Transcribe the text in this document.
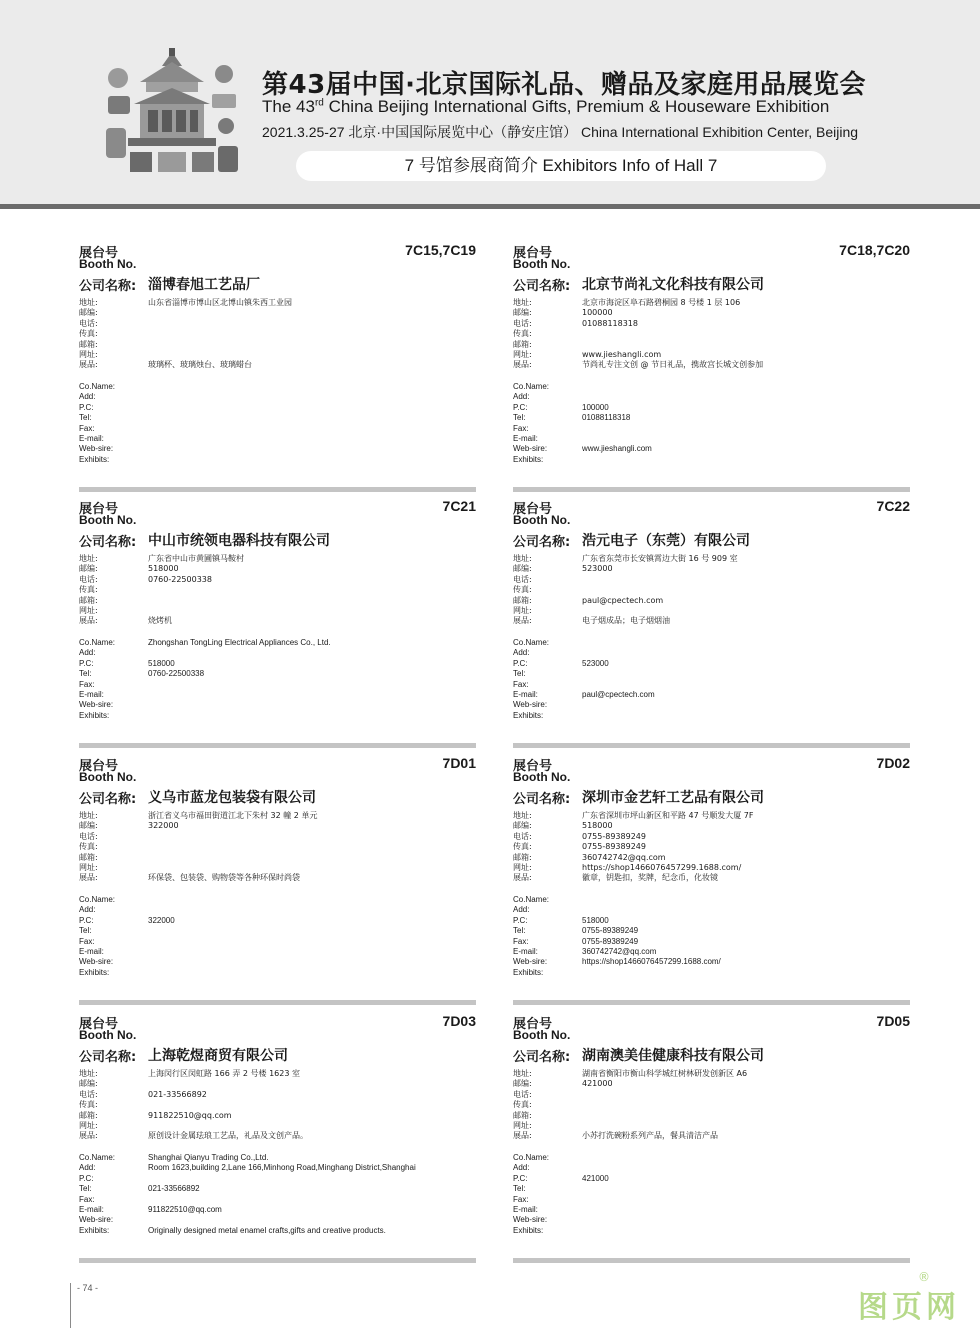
第43届中国·北京国际礼品、赠品及家庭用品展览会
The 43rd China Beijing International Gifts, Premium & Houseware Exhibition
2021.3.25-27 北京·中国国际展览中心（静安庄馆） China International Exhibition Center, Beijing
7 号馆参展商简介 Exhibitors Info of Hall 7
展台号
Booth No.
7C15,7C19
公司名称: 淄博春旭工艺品厂
地址:	山东省淄博市博山区北博山镇朱西工业园
邮编:
电话:
传真:
邮箱:
网址:
展品:	玻璃杯、玻璃烛台、玻璃蜡台
Co.Name:
Add:
P.C:
Tel:
Fax:
E-mail:
Web-sire:
Exhibits:
展台号
Booth No.
7C18,7C20
公司名称: 北京节尚礼文化科技有限公司
地址:	北京市海淀区阜石路碧桐园 8 号楼 1 层 106
邮编:	100000
电话:	01088118318
传真:
邮箱:
网址:	www.jieshangli.com
展品:	节尚礼专注文创 @ 节日礼品，携故宫长城文创参加
Co.Name:
Add:
P.C:	100000
Tel:	01088118318
Fax:
E-mail:
Web-sire:	www.jieshangli.com
Exhibits:
展台号
Booth No.
7C21
公司名称: 中山市统领电器科技有限公司
地址:	广东省中山市黄圃镇马鞍村
邮编:	518000
电话:	0760-22500338
传真:
邮箱:
网址:
展品:	烧烤机
Co.Name:	Zhongshan TongLing Electrical Appliances Co., Ltd.
Add:
P.C:	518000
Tel:	0760-22500338
Fax:
E-mail:
Web-sire:
Exhibits:
展台号
Booth No.
7C22
公司名称: 浩元电子（东莞）有限公司
地址:	广东省东莞市长安镇霄边大街 16 号 909 室
邮编:	523000
电话:
传真:
邮箱:	paul@cpectech.com
网址:
展品:	电子烟成品；电子烟烟油
Co.Name:
Add:
P.C:	523000
Tel:
Fax:
E-mail:	paul@cpectech.com
Web-sire:
Exhibits:
展台号
Booth No.
7D01
公司名称: 义乌市蓝龙包装袋有限公司
地址:	浙江省义乌市福田街道江北下朱村 32 幢 2 单元
邮编:	322000
电话:
传真:
邮箱:
网址:
展品:	环保袋、包装袋、购物袋等各种环保时尚袋
Co.Name:
Add:
P.C:	322000
Tel:
Fax:
E-mail:
Web-sire:
Exhibits:
展台号
Booth No.
7D02
公司名称: 深圳市金艺轩工艺品有限公司
地址:	广东省深圳市坪山新区和平路 47 号顺发大厦 7F
邮编:	518000
电话:	0755-89389249
传真:	0755-89389249
邮箱:	360742742@qq.com
网址:	https://shop1466076457299.1688.com/
展品:	徽章，钥匙扣，奖牌，纪念币，化妆镜
Co.Name:
Add:
P.C:	518000
Tel:	0755-89389249
Fax:	0755-89389249
E-mail:	360742742@qq.com
Web-sire:	https://shop1466076457299.1688.com/
Exhibits:
展台号
Booth No.
7D03
公司名称: 上海乾煜商贸有限公司
地址:	上海闵行区闵虹路 166 弄 2 号楼 1623 室
邮编:
电话:	021-33566892
传真:
邮箱:	911822510@qq.com
网址:
展品:	原创设计金属珐琅工艺品，礼品及文创产品。
Co.Name:	Shanghai Qianyu Trading Co.,Ltd.
Add:	Room 1623,building 2,Lane 166,Minhong Road,Minghang District,Shanghai
P.C:
Tel:	021-33566892
Fax:
E-mail:	911822510@qq.com
Web-sire:
Exhibits:	Originally designed metal enamel crafts,gifts and creative products.
展台号
Booth No.
7D05
公司名称: 湖南澳美佳健康科技有限公司
地址:	湖南省衡阳市衡山科学城红树林研发创新区 A6
邮编:	421000
电话:
传真:
邮箱:
网址:
展品:	小苏打洗碗粉系列产品，餐具清洁产品
Co.Name:
Add:
P.C:	421000
Tel:
Fax:
E-mail:
Web-sire:
Exhibits:
- 74 -
图页网
®
